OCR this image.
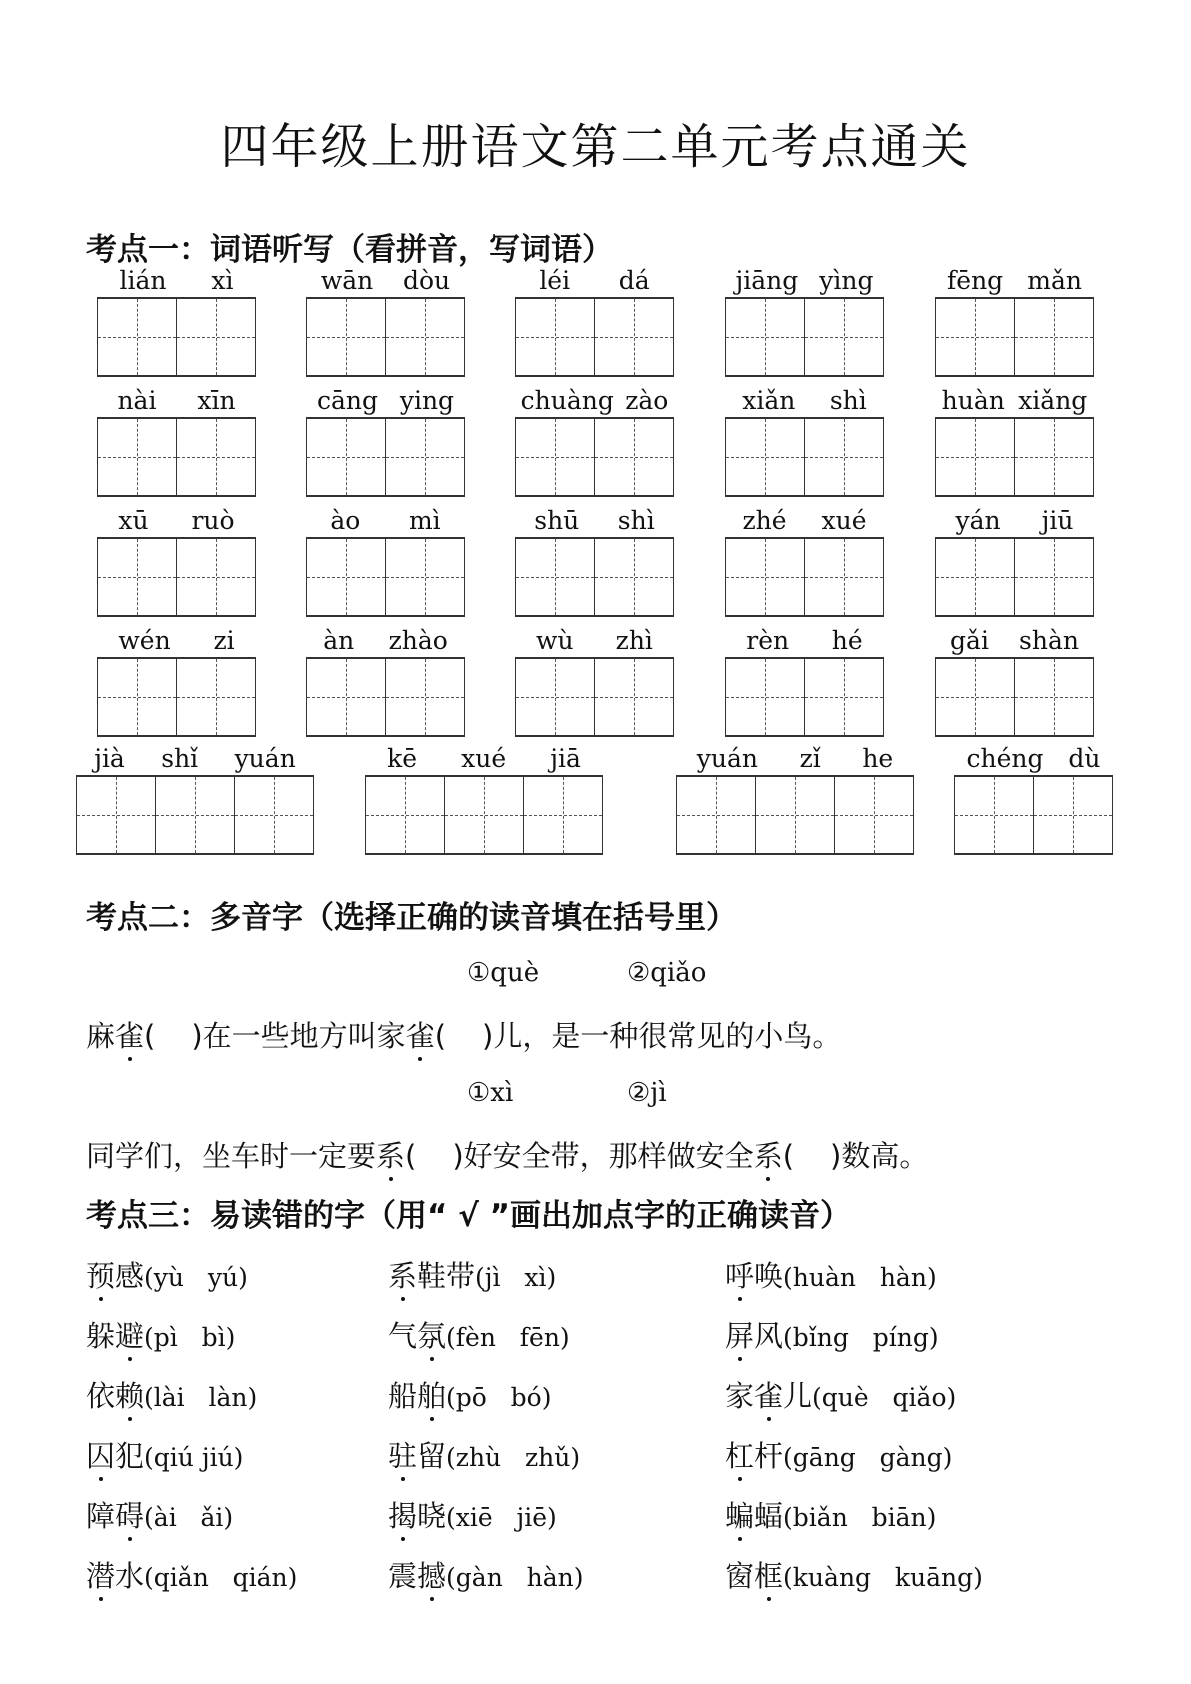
四年级上册语文第二单元考点通关
考点一：词语听写（看拼音，写词语）
lián xì	wān dòu	léi dá	jiāng yìng	fēng mǎn
nài xīn	cāng ying	chuàng zào	xiǎn shì	huàn xiǎng
xū ruò	ào mì	shū shì	zhé xué	yán jiū
wén zi	àn zhào	wù zhì	rèn hé	gǎi shàn
jià shǐ yuán	kē xué jiā	yuán zǐ he	chéng dù
考点二：多音字（选择正确的读音填在括号里）
①què	②qiǎo
麻雀( )在一些地方叫家雀( )儿，是一种很常见的小鸟。
①xì	②jì
同学们，坐车时一定要系( )好安全带，那样做安全系( )数高。
考点三：易读错的字（用“ √ ”画出加点字的正确读音）
预感(yù   yú)
躲避(pì   bì)
依赖(lài   làn)
囚犯(qiú jiú)
障碍(ài   ǎi)
潜水(qiǎn   qián)
系鞋带(jì   xì)
气氛(fèn   fēn)
船舶(pō   bó)
驻留(zhù   zhǔ)
揭晓(xiē   jiē)
震撼(gàn   hàn)
呼唤(huàn   hàn)
屏风(bǐng   píng)
家雀儿(què   qiǎo)
杠杆(gāng   gàng)
蝙蝠(biǎn   biān)
窗框(kuàng   kuāng)
